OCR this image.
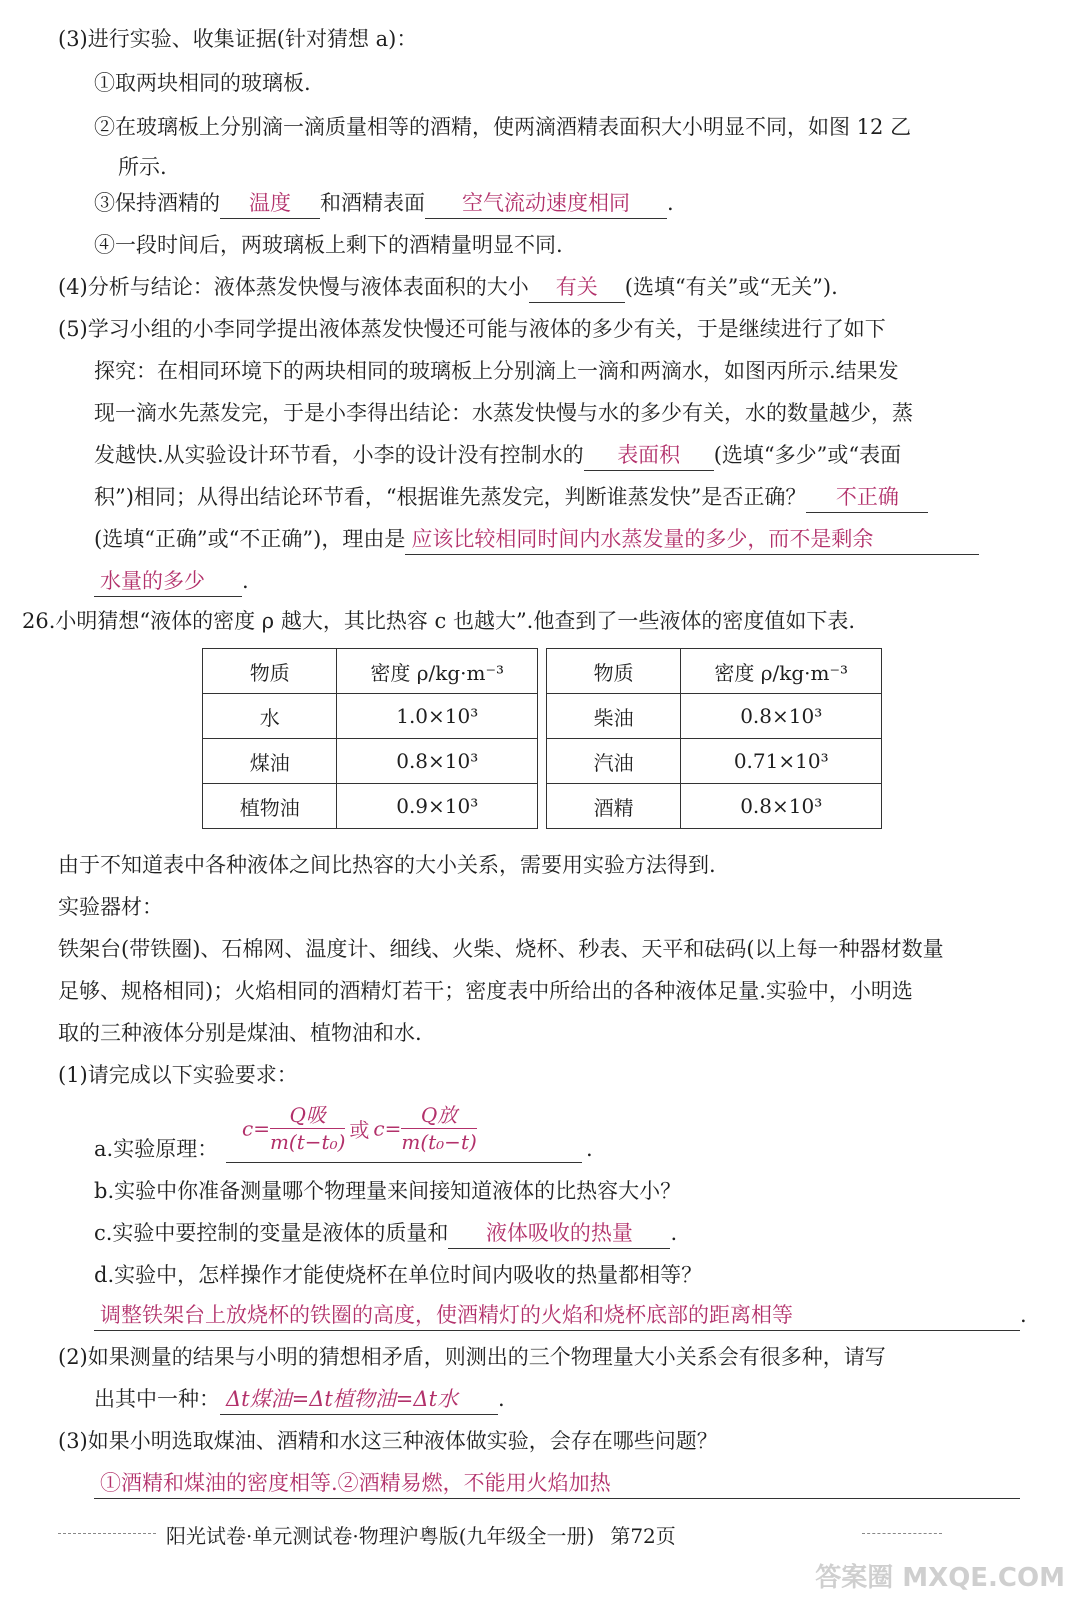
(3)进行实验、收集证据(针对猜想 a)：
①取两块相同的玻璃板.
②在玻璃板上分别滴一滴质量相等的酒精，使两滴酒精表面积大小明显不同，如图 12 乙
所示.
③保持酒精的 温度 和酒精表面 空气流动速度相同 .
④一段时间后，两玻璃板上剩下的酒精量明显不同.
(4)分析与结论：液体蒸发快慢与液体表面积的大小 有关 (选填“有关”或“无关”).
(5)学习小组的小李同学提出液体蒸发快慢还可能与液体的多少有关，于是继续进行了如下
探究：在相同环境下的两块相同的玻璃板上分别滴上一滴和两滴水，如图丙所示.结果发
现一滴水先蒸发完，于是小李得出结论：水蒸发快慢与水的多少有关，水的数量越少，蒸
发越快.从实验设计环节看，小李的设计没有控制水的 表面积 (选填“多少”或“表面
积”)相同；从得出结论环节看，“根据谁先蒸发完，判断谁蒸发快”是否正确？ 不正确
(选填“正确”或“不正确”)，理由是 应该比较相同时间内水蒸发量的多少，而不是剩余
水量的多少 .
26.小明猜想“液体的密度 ρ 越大，其比热容 c 也越大”.他查到了一些液体的密度值如下表.
物质	密度 ρ/kg·m⁻³		物质	密度 ρ/kg·m⁻³
水	1.0×10³		柴油	0.8×10³
煤油	0.8×10³		汽油	0.71×10³
植物油	0.9×10³		酒精	0.8×10³
由于不知道表中各种液体之间比热容的大小关系，需要用实验方法得到.
实验器材：
铁架台(带铁圈)、石棉网、温度计、细线、火柴、烧杯、秒表、天平和砝码(以上每一种器材数量
足够、规格相同)；火焰相同的酒精灯若干；密度表中所给出的各种液体足量.实验中，小明选
取的三种液体分别是煤油、植物油和水.
(1)请完成以下实验要求：
a.实验原理：
$c= \frac{\text{Q吸}}{\text{m(t−t₀)}}$ 或 $c= \frac{\text{Q放}}{\text{m(t₀−t)}}$	.
b.实验中你准备测量哪个物理量来间接知道液体的比热容大小？
c.实验中要控制的变量是液体的质量和 液体吸收的热量 .
d.实验中，怎样操作才能使烧杯在单位时间内吸收的热量都相等？
调整铁架台上放烧杯的铁圈的高度，使酒精灯的火焰和烧杯底部的距离相等	.
(2)如果测量的结果与小明的猜想相矛盾，则测出的三个物理量大小关系会有很多种，请写
出其中一种： Δt煤油=Δt植物油=Δt水 .
(3)如果小明选取煤油、酒精和水这三种液体做实验，会存在哪些问题？
①酒精和煤油的密度相等.②酒精易燃，不能用火焰加热
阳光试卷·单元测试卷·物理沪粤版(九年级全一册) 第72页
答案圈 MXQE.COM
